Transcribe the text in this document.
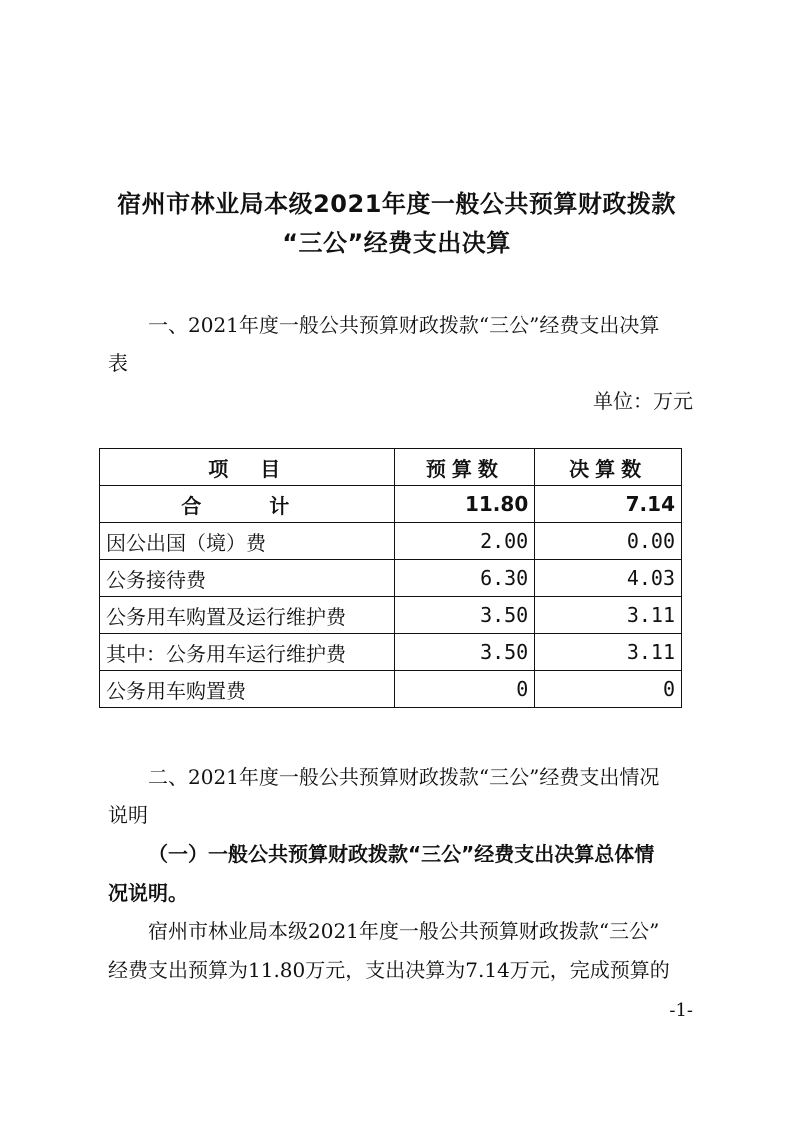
宿州市林业局本级2021年度一般公共预算财政拨款
“三公”经费支出决算
一、2021年度一般公共预算财政拨款“三公”经费支出决算
表
单位：万元
项　目	预算数	决算数
合　计	11.80	7.14
因公出国（境）费	2.00	0.00
公务接待费	6.30	4.03
公务用车购置及运行维护费	3.50	3.11
其中：公务用车运行维护费	3.50	3.11
公务用车购置费	0	0
二、2021年度一般公共预算财政拨款“三公”经费支出情况
说明
（一）一般公共预算财政拨款“三公”经费支出决算总体情
况说明。
宿州市林业局本级2021年度一般公共预算财政拨款“三公”
经费支出预算为11.80万元，支出决算为7.14万元，完成预算的
-1-
